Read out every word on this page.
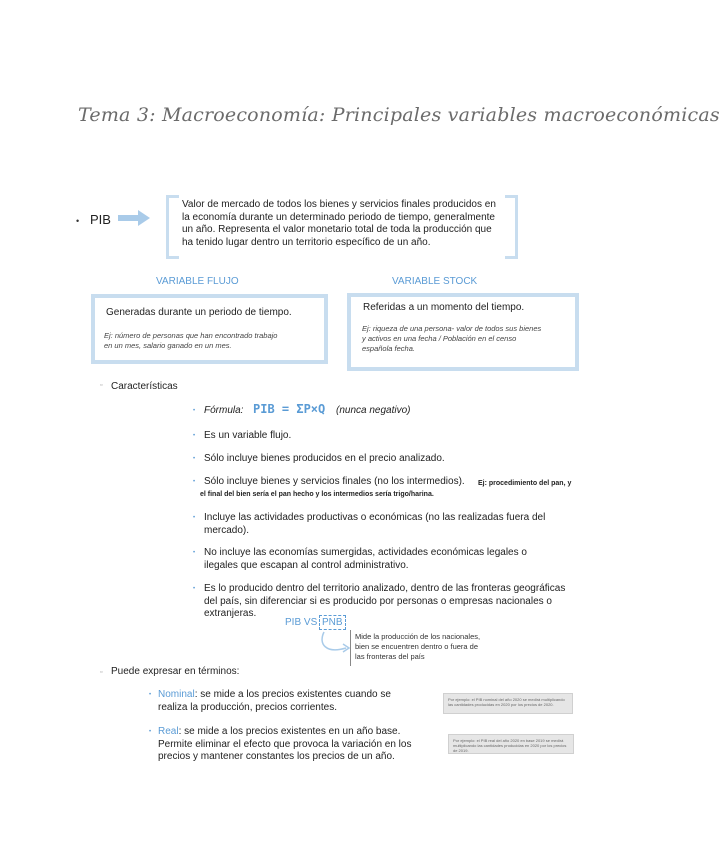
Tema 3: Macroeconomía: Principales variables macroeconómicas
• PIB
Valor de mercado de todos los bienes y servicios finales producidos en
la economía durante un determinado periodo de tiempo, generalmente
un año. Representa el valor monetario total de toda la producción que
ha tenido lugar dentro un territorio específico de un año.
VARIABLE FLUJO	VARIABLE STOCK
Generadas durante un periodo de tiempo.
Ej: número de personas que han encontrado trabajo
en un mes, salario ganado en un mes.
Referidas a un momento del tiempo.
Ej: riqueza de una persona- valor de todos sus bienes
y activos en una fecha / Población en el censo
española fecha.
▫ Características
• Fórmula: PIB = ΣP×Q (nunca negativo)
• Es un variable flujo.
• Sólo incluye bienes producidos en el precio analizado.
• Sólo incluye bienes y servicios finales (no los intermedios). Ej: procedimiento del pan, y
el final del bien sería el pan hecho y los intermedios sería trigo/harina.
• Incluye las actividades productivas o económicas (no las realizadas fuera del
mercado).
• No incluye las economías sumergidas, actividades económicas legales o
ilegales que escapan al control administrativo.
• Es lo producido dentro del territorio analizado, dentro de las fronteras geográficas
del país, sin diferenciar si es producido por personas o empresas nacionales o
extranjeras.
PIB VS PNB
Mide la producción de los nacionales,
bien se encuentren dentro o fuera de
las fronteras del país
▫ Puede expresar en términos:
• Nominal: se mide a los precios existentes cuando se
realiza la producción, precios corrientes.
• Real: se mide a los precios existentes en un año base.
Permite eliminar el efecto que provoca la variación en los
precios y mantener constantes los precios de un año.
Por ejemplo: el PIB nominal del año 2020 se medirá multiplicando las cantidades producidas en 2020 por los precios de 2020.
Por ejemplo: el PIB real del año 2020 en base 2019 se medirá multiplicando las cantidades producidas en 2020 por los precios de 2019.
